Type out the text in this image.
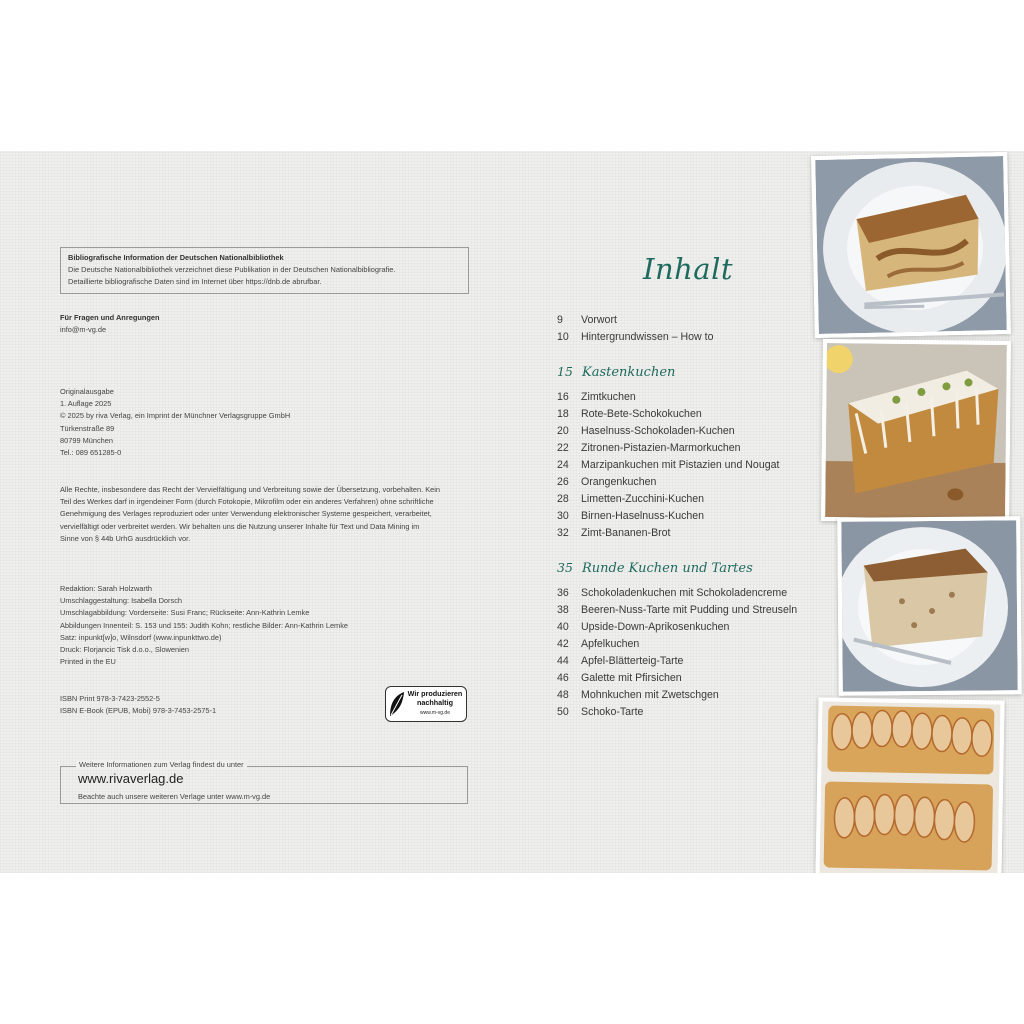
Bibliografische Information der Deutschen Nationalbibliothek
Die Deutsche Nationalbibliothek verzeichnet diese Publikation in der Deutschen Nationalbibliografie.
Detaillierte bibliografische Daten sind im Internet über https://dnb.de abrufbar.
Für Fragen und Anregungen
info@m-vg.de
Originalausgabe
1. Auflage 2025
© 2025 by riva Verlag, ein Imprint der Münchner Verlagsgruppe GmbH
Türkenstraße 89
80799 München
Tel.: 089 651285-0
Alle Rechte, insbesondere das Recht der Vervielfältigung und Verbreitung sowie der Übersetzung, vorbehalten. Kein
Teil des Werkes darf in irgendeiner Form (durch Fotokopie, Mikrofilm oder ein anderes Verfahren) ohne schriftliche
Genehmigung des Verlages reproduziert oder unter Verwendung elektronischer Systeme gespeichert, verarbeitet,
vervielfältigt oder verbreitet werden. Wir behalten uns die Nutzung unserer Inhalte für Text und Data Mining im
Sinne von § 44b UrhG ausdrücklich vor.
Redaktion: Sarah Holzwarth
Umschlaggestaltung: Isabella Dorsch
Umschlagabbildung: Vorderseite: Susi Franc; Rückseite: Ann-Kathrin Lemke
Abbildungen Innenteil: S. 153 und 155: Judith Kohn; restliche Bilder: Ann-Kathrin Lemke
Satz: inpunkt[w]o, Wilnsdorf (www.inpunkttwo.de)
Druck: Florjancic Tisk d.o.o., Slowenien
Printed in the EU
ISBN Print 978-3-7423-2552-5
ISBN E-Book (EPUB, Mobi) 978-3-7453-2575-1
Wir produzieren
nachhaltig
www.m-vg.de
Weitere Informationen zum Verlag findest du unter
www.rivaverlag.de
Beachte auch unsere weiteren Verlage unter www.m-vg.de
Inhalt
9 Vorwort
10 Hintergrundwissen – How to
15 Kastenkuchen
16 Zimtkuchen
18 Rote-Bete-Schokokuchen
20 Haselnuss-Schokoladen-Kuchen
22 Zitronen-Pistazien-Marmorkuchen
24 Marzipankuchen mit Pistazien und Nougat
26 Orangenkuchen
28 Limetten-Zucchini-Kuchen
30 Birnen-Haselnuss-Kuchen
32 Zimt-Bananen-Brot
35 Runde Kuchen und Tartes
36 Schokoladenkuchen mit Schokoladencreme
38 Beeren-Nuss-Tarte mit Pudding und Streuseln
40 Upside-Down-Aprikosenkuchen
42 Apfelkuchen
44 Apfel-Blätterteig-Tarte
46 Galette mit Pfirsichen
48 Mohnkuchen mit Zwetschgen
50 Schoko-Tarte
